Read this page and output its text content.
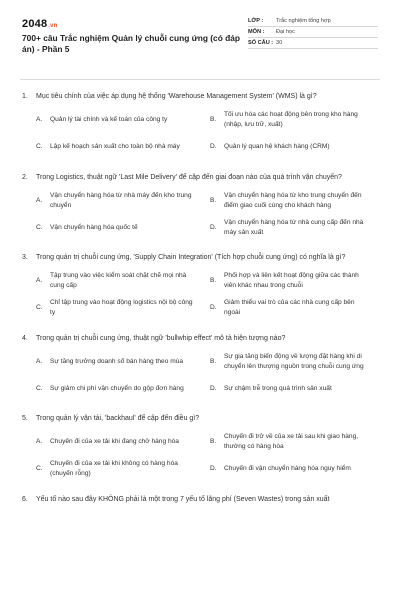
2048.vn
700+ câu Trắc nghiệm Quản lý chuỗi cung ứng (có đáp án) - Phần 5
LỚP :	Trắc nghiệm tổng hợp
MÔN :	Đại học
SỐ CÂU : 30
1.	Mục tiêu chính của việc áp dụng hệ thống 'Warehouse Management System' (WMS) là gì?
A.	Quản lý tài chính và kế toán của công ty	B.
Tối ưu hóa các hoạt động bên trong kho hàng (nhập, lưu trữ, xuất)
C.	Lập kế hoạch sản xuất cho toàn bộ nhà máy	D.	Quản lý quan hệ khách hàng (CRM)
2.	Trong Logistics, thuật ngữ 'Last Mile Delivery' để cập đến giai đoạn nào của quá trình vận chuyển?
A.
Vận chuyển hàng hóa từ nhà máy đến kho trung chuyển
B.
Vận chuyển hàng hóa từ kho trung chuyển đến điểm giao cuối cùng cho khách hàng
C.	Vận chuyển hàng hóa quốc tế	D.
Vận chuyển hàng hóa từ nhà cung cấp đến nhà máy sản xuất
3.	Trong quản trị chuỗi cung ứng, 'Supply Chain Integration' (Tích hợp chuỗi cung ứng) có nghĩa là gì?
A.
Tập trung vào việc kiểm soát chặt chẽ mọi nhà cung cấp
B.
Phối hợp và liên kết hoạt động giữa các thành viên khác nhau trong chuỗi
C.
Chỉ tập trung vào hoạt động logistics nội bộ công ty
D.
Giảm thiểu vai trò của các nhà cung cấp bên ngoài
4.	Trong quản trị chuỗi cung ứng, thuật ngữ 'bullwhip effect' mô tả hiện tượng nào?
A.	Sự tăng trưởng doanh số bán hàng theo mùa	B.
Sự gia tăng biến động về lượng đặt hàng khi di chuyển lên thượng nguồn trong chuỗi cung ứng
C.	Sự giảm chi phí vận chuyển do gộp đơn hàng	D.	Sự chậm trễ trong quá trình sản xuất
5.	Trong quản lý vận tải, 'backhaul' để cập đến điều gì?
A.	Chuyến đi của xe tải khi đang chở hàng hóa	B.
Chuyến đi trở về của xe tải sau khi giao hàng, thường có hàng hóa
C.
Chuyến đi của xe tải khi không có hàng hóa (chuyến rỗng)
D.	Chuyến đi vận chuyển hàng hóa nguy hiểm
6.	Yếu tố nào sau đây KHÔNG phải là một trong 7 yếu tố lãng phí (Seven Wastes) trong sản xuất
